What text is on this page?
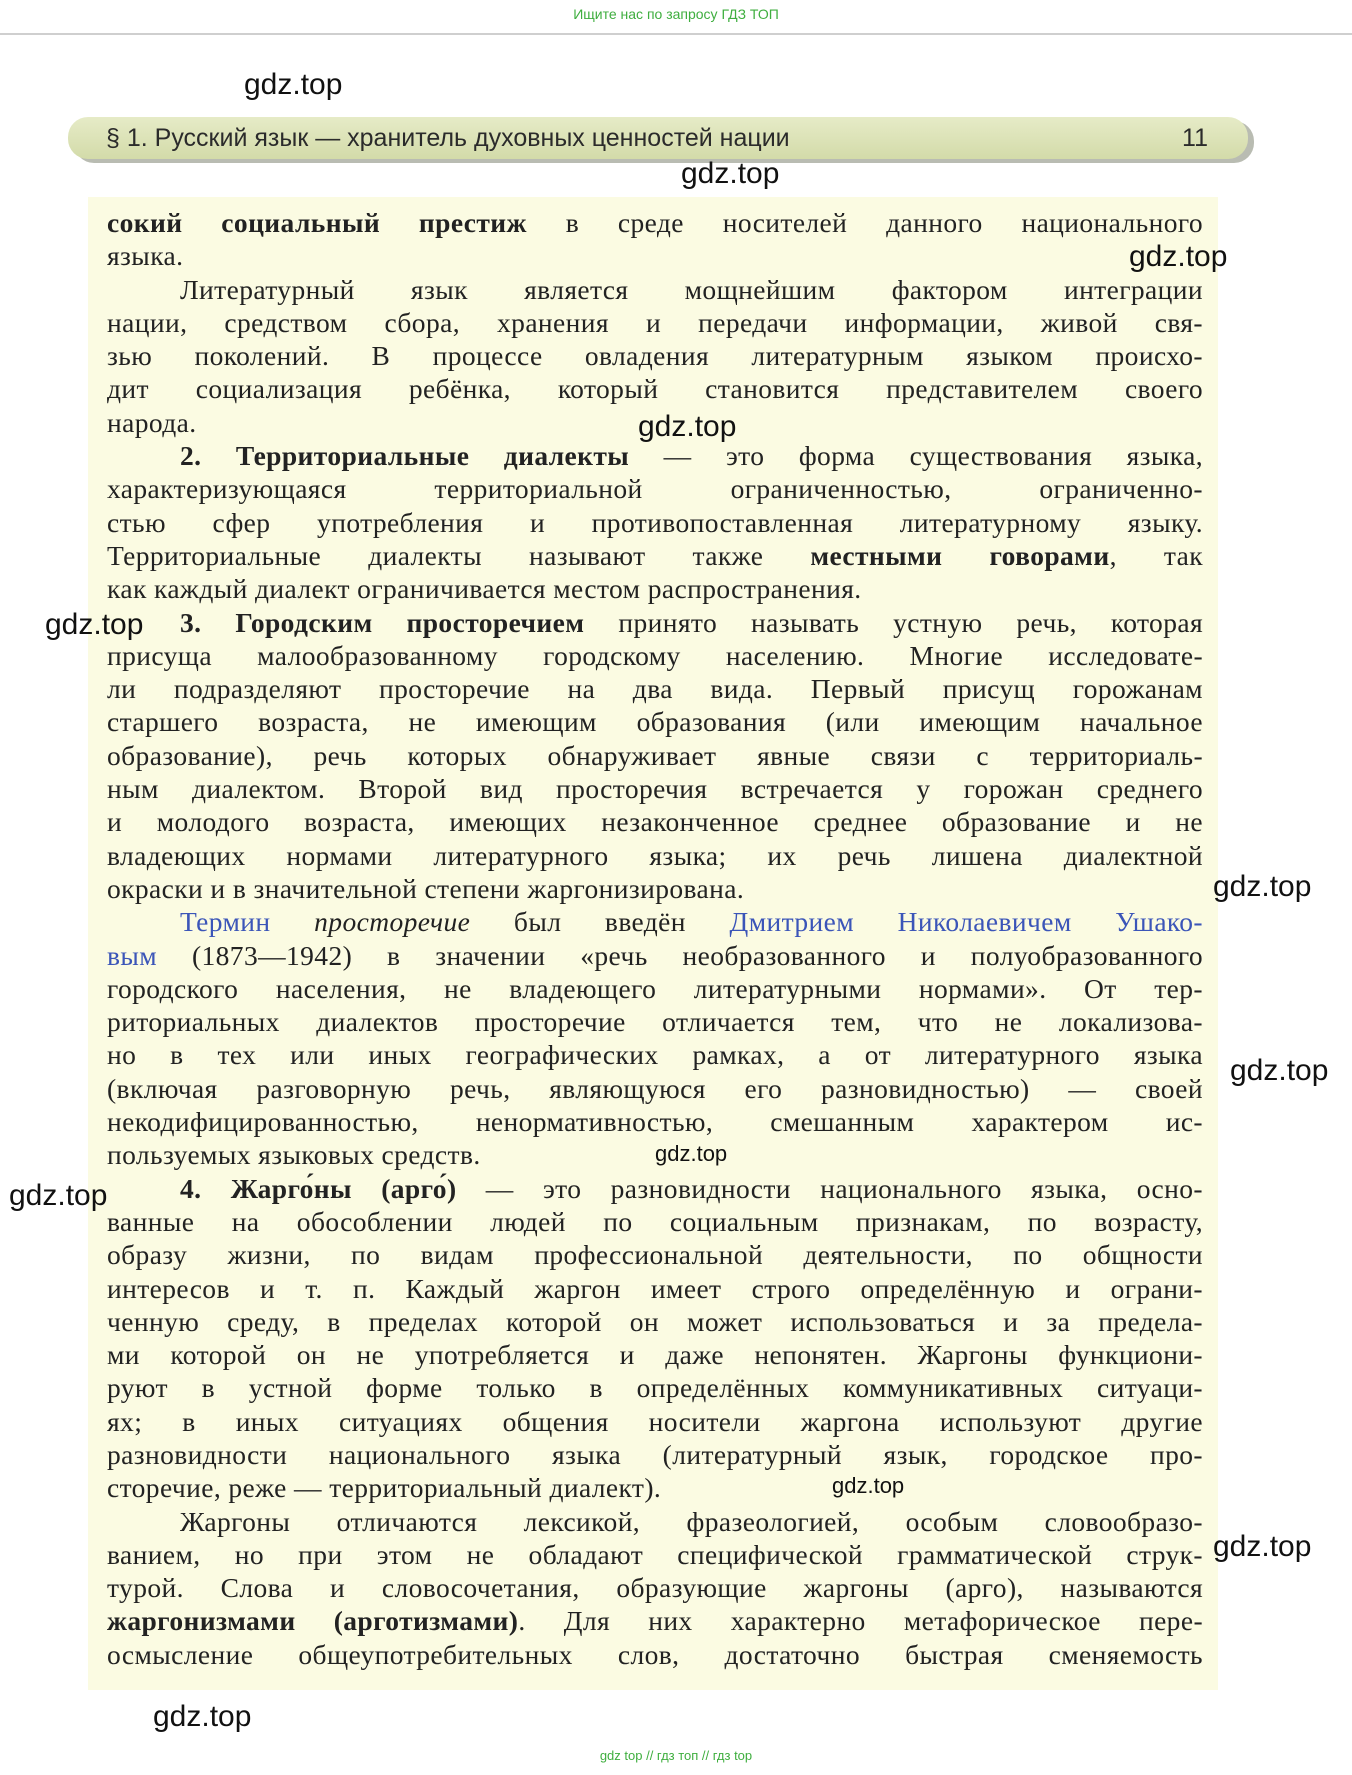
Ищите нас по запросу ГДЗ ТОП
§ 1. Русский язык — хранитель духовных ценностей нации	11
сокий социальный престиж в среде носителей данного национального
языка.
Литературный язык является мощнейшим фактором интеграции
нации, средством сбора, хранения и передачи информации, живой свя-
зью поколений. В процессе овладения литературным языком происхо-
дит социализация ребёнка, который становится представителем своего
народа.
2. Территориальные диалекты — это форма существования языка,
характеризующаяся территориальной ограниченностью, ограниченно-
стью сфер употребления и противопоставленная литературному языку.
Территориальные диалекты называют также местными говорами, так
как каждый диалект ограничивается местом распространения.
3. Городским просторечием принято называть устную речь, которая
присуща малообразованному городскому населению. Многие исследовате-
ли подразделяют просторечие на два вида. Первый присущ горожанам
старшего возраста, не имеющим образования (или имеющим начальное
образование), речь которых обнаруживает явные связи с территориаль-
ным диалектом. Второй вид просторечия встречается у горожан среднего
и молодого возраста, имеющих незаконченное среднее образование и не
владеющих нормами литературного языка; их речь лишена диалектной
окраски и в значительной степени жаргонизирована.
Термин просторечие был введён Дмитрием Николаевичем Ушако-
вым (1873—1942) в значении «речь необразованного и полуобразованного
городского населения, не владеющего литературными нормами». От тер-
риториальных диалектов просторечие отличается тем, что не локализова-
но в тех или иных географических рамках, а от литературного языка
(включая разговорную речь, являющуюся его разновидностью) — своей
некодифицированностью, ненормативностью, смешанным характером ис-
пользуемых языковых средств.
4. Жарго́ны (арго́) — это разновидности национального языка, осно-
ванные на обособлении людей по социальным признакам, по возрасту,
образу жизни, по видам профессиональной деятельности, по общности
интересов и т. п. Каждый жаргон имеет строго определённую и ограни-
ченную среду, в пределах которой он может использоваться и за предела-
ми которой он не употребляется и даже непонятен. Жаргоны функциони-
руют в устной форме только в определённых коммуникативных ситуаци-
ях; в иных ситуациях общения носители жаргона используют другие
разновидности национального языка (литературный язык, городское про-
сторечие, реже — территориальный диалект).
Жаргоны отличаются лексикой, фразеологией, особым словообразо-
ванием, но при этом не обладают специфической грамматической струк-
турой. Слова и словосочетания, образующие жаргоны (арго), называются
жаргонизмами (арготизмами). Для них характерно метафорическое пере-
осмысление общеупотребительных слов, достаточно быстрая сменяемость
gdz.top
gdz.top
gdz.top
gdz.top
gdz.top
gdz.top
gdz.top
gdz.top
gdz.top
gdz.top
gdz.top
gdz.top
gdz top // гдз топ // гдз top
